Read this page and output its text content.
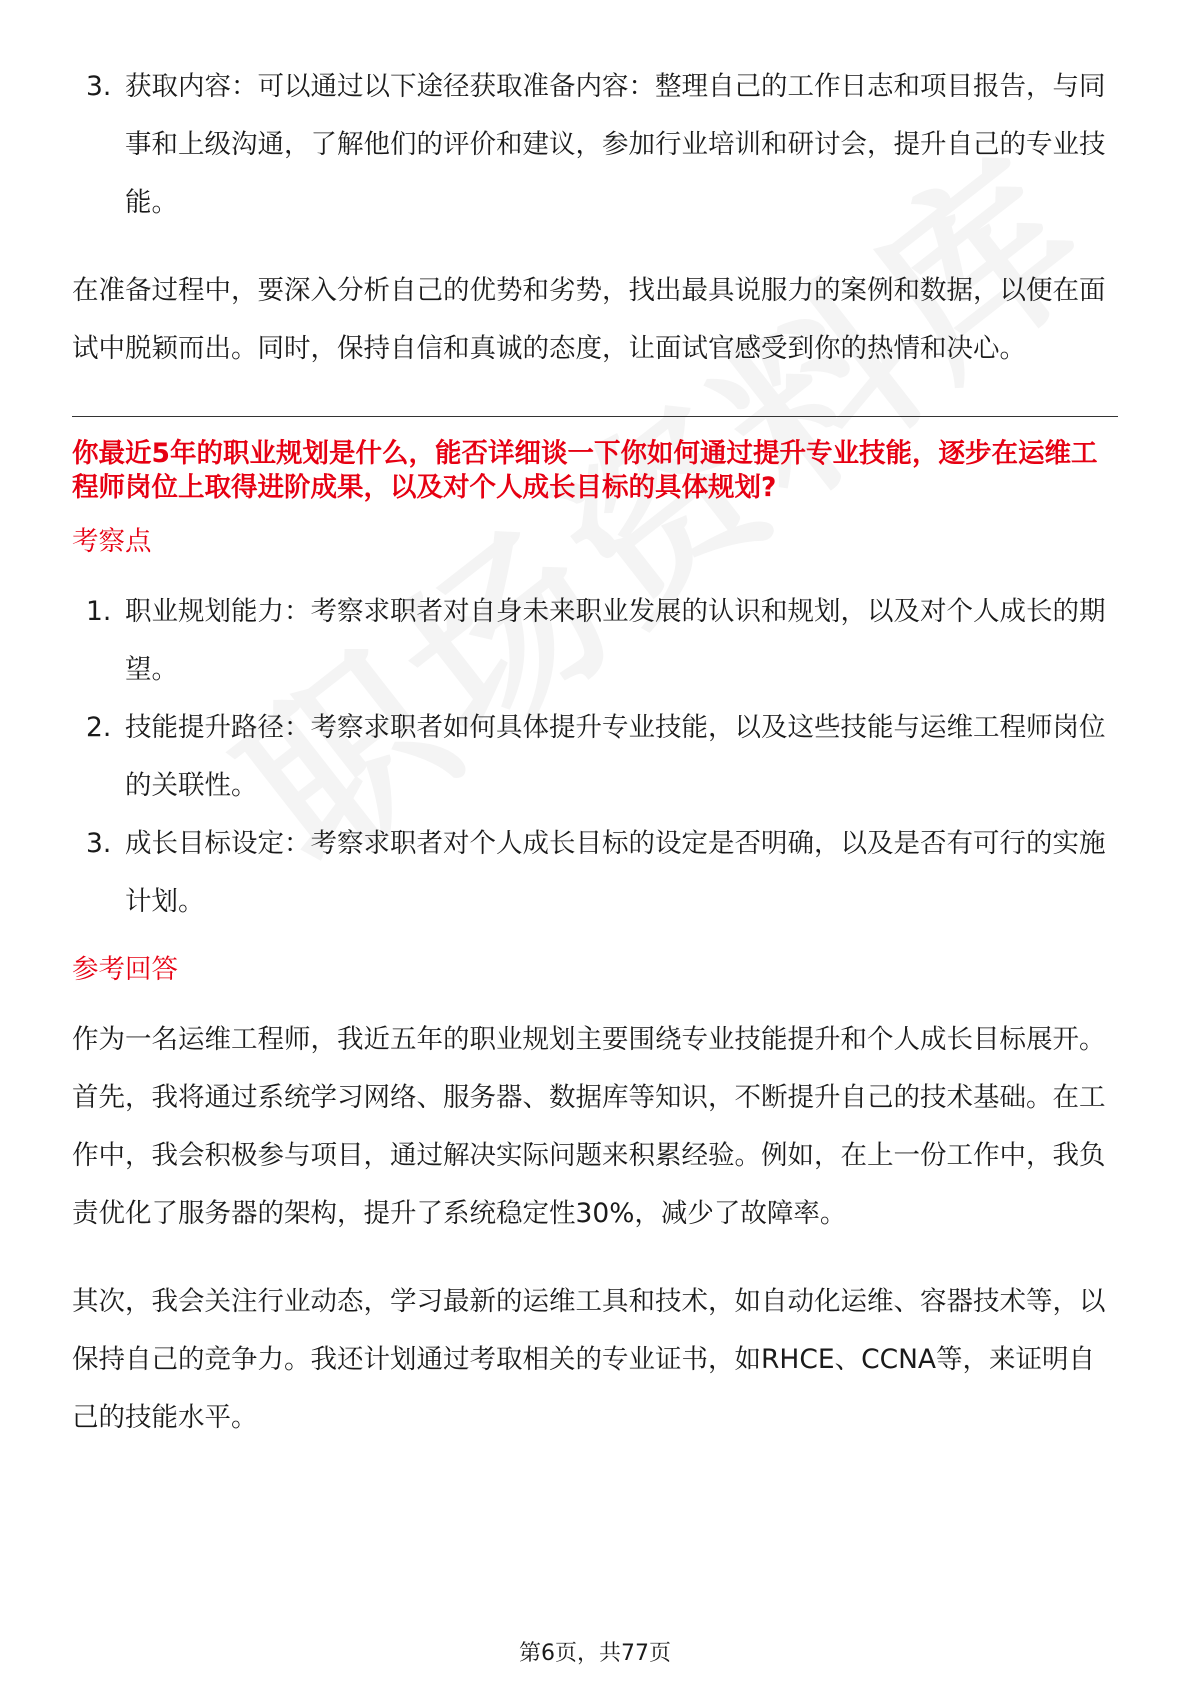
3. 获取内容：可以通过以下途径获取准备内容：整理自己的工作日志和项目报告，与同事和上级沟通，了解他们的评价和建议，参加行业培训和研讨会，提升自己的专业技能。

在准备过程中，要深入分析自己的优势和劣势，找出最具说服力的案例和数据，以便在面试中脱颖而出。同时，保持自信和真诚的态度，让面试官感受到你的热情和决心。

你最近5年的职业规划是什么，能否详细谈一下你如何通过提升专业技能，逐步在运维工程师岗位上取得进阶成果，以及对个人成长目标的具体规划?

考察点

1. 职业规划能力：考察求职者对自身未来职业发展的认识和规划，以及对个人成长的期望。
2. 技能提升路径：考察求职者如何具体提升专业技能，以及这些技能与运维工程师岗位的关联性。
3. 成长目标设定：考察求职者对个人成长目标的设定是否明确，以及是否有可行的实施计划。

参考回答

作为一名运维工程师，我近五年的职业规划主要围绕专业技能提升和个人成长目标展开。首先，我将通过系统学习网络、服务器、数据库等知识，不断提升自己的技术基础。在工作中，我会积极参与项目，通过解决实际问题来积累经验。例如，在上一份工作中，我负责优化了服务器的架构，提升了系统稳定性30%，减少了故障率。

其次，我会关注行业动态，学习最新的运维工具和技术，如自动化运维、容器技术等，以保持自己的竞争力。我还计划通过考取相关的专业证书，如RHCE、CCNA等，来证明自己的技能水平。

第6页，共77页
